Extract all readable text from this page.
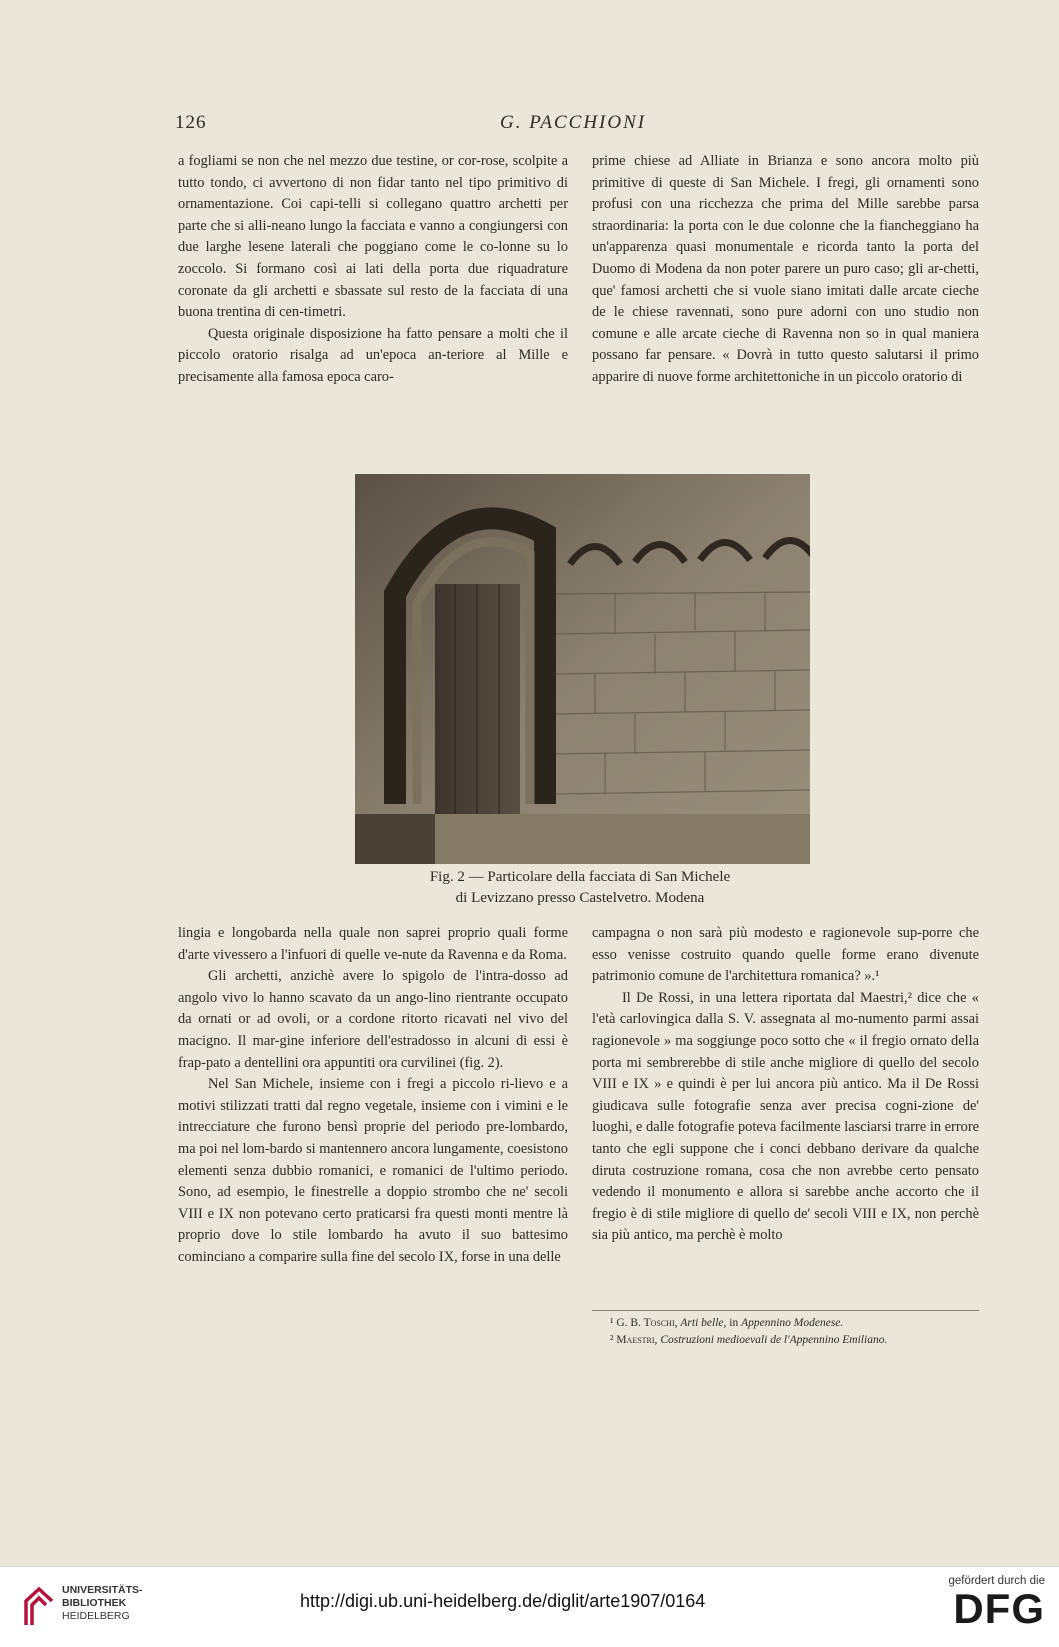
126	G. PACCHIONI

a fogliami se non che nel mezzo due testine, or cor-rose, scolpite a tutto tondo, ci avvertono di non fidar tanto nel tipo primitivo di ornamentazione. Coi capi-telli si collegano quattro archetti per parte che si alli-neano lungo la facciata e vanno a congiungersi con due larghe lesene laterali che poggiano come le co-lonne su lo zoccolo. Si formano così ai lati della porta due riquadrature coronate da gli archetti e sbassate sul resto de la facciata di una buona trentina di cen-timetri.

Questa originale disposizione ha fatto pensare a molti che il piccolo oratorio risalga ad un'epoca an-teriore al Mille e precisamente alla famosa epoca caro-

prime chiese ad Alliate in Brianza e sono ancora molto più primitive di queste di San Michele. I fregi, gli ornamenti sono profusi con una ricchezza che prima del Mille sarebbe parsa straordinaria: la porta con le due colonne che la fiancheggiano ha un'apparenza quasi monumentale e ricorda tanto la porta del Duomo di Modena da non poter parere un puro caso; gli ar-chetti, que' famosi archetti che si vuole siano imitati dalle arcate cieche de le chiese ravennati, sono pure adorni con uno studio non comune e alle arcate cieche di Ravenna non so in qual maniera possano far pensare. « Dovrà in tutto questo salutarsi il primo apparire di nuove forme architettoniche in un piccolo oratorio di

Fig. 2 — Particolare della facciata di San Michele

di Levizzano presso Castelvetro. Modena

lingia e longobarda nella quale non saprei proprio quali forme d'arte vivessero a l'infuori di quelle ve-nute da Ravenna e da Roma.

Gli archetti, anzichè avere lo spigolo de l'intra-dosso ad angolo vivo lo hanno scavato da un ango-lino rientrante occupato da ornati or ad ovoli, or a cordone ritorto ricavati nel vivo del macigno. Il mar-gine inferiore dell'estradosso in alcuni di essi è frap-pato a dentellini ora appuntiti ora curvilinei (fig. 2).

Nel San Michele, insieme con i fregi a piccolo ri-lievo e a motivi stilizzati tratti dal regno vegetale, insieme con i vimini e le intrecciature che furono bensì proprie del periodo pre-lombardo, ma poi nel lom-bardo si mantennero ancora lungamente, coesistono elementi senza dubbio romanici, e romanici de l'ultimo periodo. Sono, ad esempio, le finestrelle a doppio strombo che ne' secoli VIII e IX non potevano certo praticarsi fra questi monti mentre là proprio dove lo stile lombardo ha avuto il suo battesimo cominciano a comparire sulla fine del secolo IX, forse in una delle

campagna o non sarà più modesto e ragionevole sup-porre che esso venisse costruito quando quelle forme erano divenute patrimonio comune de l'architettura romanica? ».¹

Il De Rossi, in una lettera riportata dal Maestri,² dice che « l'età carlovingica dalla S. V. assegnata al mo-numento parmi assai ragionevole » ma soggiunge poco sotto che « il fregio ornato della porta mi sembrerebbe di stile anche migliore di quello del secolo VIII e IX » e quindi è per lui ancora più antico. Ma il De Rossi giudicava sulle fotografie senza aver precisa cogni-zione de' luoghi, e dalle fotografie poteva facilmente lasciarsi trarre in errore tanto che egli suppone che i conci debbano derivare da qualche diruta costruzione romana, cosa che non avrebbe certo pensato vedendo il monumento e allora si sarebbe anche accorto che il fregio è di stile migliore di quello de' secoli VIII e IX, non perchè sia più antico, ma perchè è molto

¹ G. B. Toschi, Arti belle, in Appennino Modenese.

² Maestri, Costruzioni medioevali de l'Appennino Emiliano.

UNIVERSITÄTS-
BIBLIOTHEK
HEIDELBERG
http://digi.ub.uni-heidelberg.de/diglit/arte1907/0164
gefördert durch die
DFG
